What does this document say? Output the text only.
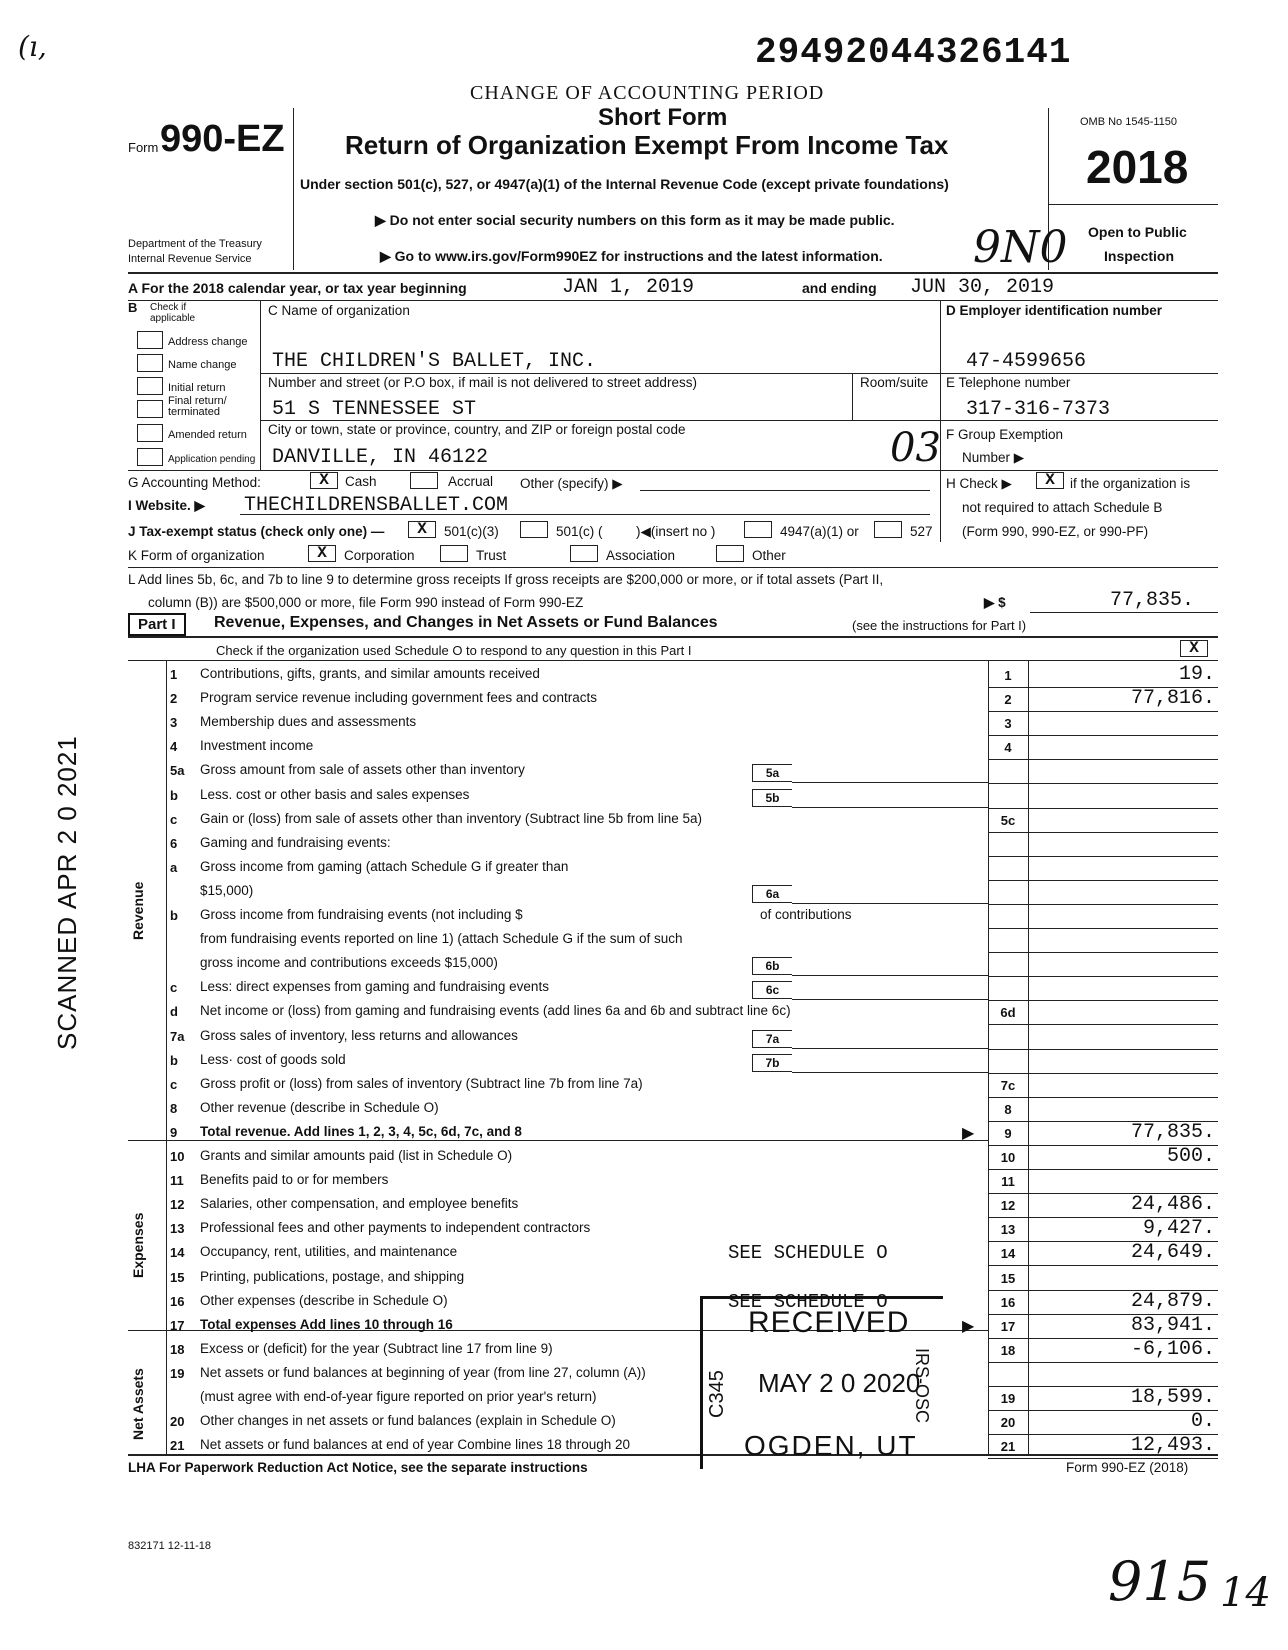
(ı,	29492044326141
CHANGE OF ACCOUNTING PERIOD
Form 990-EZ
Department of the Treasury
Internal Revenue Service
Short Form
Return of Organization Exempt From Income Tax
Under section 501(c), 527, or 4947(a)(1) of the Internal Revenue Code (except private foundations)
▶ Do not enter social security numbers on this form as it may be made public.
▶ Go to www.irs.gov/Form990EZ for instructions and the latest information. 9N0
OMB No 1545-1150
2018
Open to Public
Inspection
A For the 2018 calendar year, or tax year beginning	JAN 1, 2019	and ending JUN 30, 2019
B Check if
applicable
Address change
Name change
Initial return
Final return/ terminated
Amended return
Application pending
C Name of organization
THE CHILDREN'S BALLET, INC.
Number and street (or P.O box, if mail is not delivered to street address)	Room/suite
51 S TENNESSEE ST
City or town, state or province, country, and ZIP or foreign postal code
DANVILLE, IN 46122	03
D Employer identification number
47-4599656
E Telephone number
317-316-7373
F Group Exemption
Number ▶
G Accounting Method:	X	Cash	Accrual Other (specify) ▶	H Check ▶	X	if the organization is
not required to attach Schedule B
(Form 990, 990-EZ, or 990-PF)
I Website. ▶ THECHILDRENSBALLET.COM
J Tax-exempt status (check only one) —	X	501(c)(3)	501(c) ( )◀(insert no )	4947(a)(1) or	527
K Form of organization	X	Corporation	Trust	Association	Other
L Add lines 5b, 6c, and 7b to line 9 to determine gross receipts If gross receipts are $200,000 or more, or if total assets (Part II,
column (B)) are $500,000 or more, file Form 990 instead of Form 990-EZ	▶ $	77,835.
Part I	Revenue, Expenses, and Changes in Net Assets or Fund Balances	(see the instructions for Part I)
Check if the organization used Schedule O to respond to any question in this Part I	X
Revenue
Expenses
Net Assets
1	Contributions, gifts, grants, and similar amounts received	1	19.
2	Program service revenue including government fees and contracts	2	77,816.
3	Membership dues and assessments	3
4	Investment income	4
5a	Gross amount from sale of assets other than inventory	5a
b	Less. cost or other basis and sales expenses	5b
c	Gain or (loss) from sale of assets other than inventory (Subtract line 5b from line 5a)	5c
6	Gaming and fundraising events:
a	Gross income from gaming (attach Schedule G if greater than
$15,000)	6a
b	Gross income from fundraising events (not including $	of contributions
from fundraising events reported on line 1) (attach Schedule G if the sum of such
gross income and contributions exceeds $15,000)	6b
c	Less: direct expenses from gaming and fundraising events	6c
d	Net income or (loss) from gaming and fundraising events (add lines 6a and 6b and subtract line 6c)	6d
7a	Gross sales of inventory, less returns and allowances	7a
b	Less· cost of goods sold	7b
c	Gross profit or (loss) from sales of inventory (Subtract line 7b from line 7a)	7c
8	Other revenue (describe in Schedule O)	8
9	Total revenue. Add lines 1, 2, 3, 4, 5c, 6d, 7c, and 8	9	77,835.
▶
10	Grants and similar amounts paid (list in Schedule O)	10	500.
11	Benefits paid to or for members	11
12	Salaries, other compensation, and employee benefits	12	24,486.
13	Professional fees and other payments to independent contractors	13	9,427.
14	Occupancy, rent, utilities, and maintenance	SEE SCHEDULE O	14	24,649.
15	Printing, publications, postage, and shipping	15
16	Other expenses (describe in Schedule O)	SEE SCHEDULE O	16	24,879.
17	Total expenses Add lines 10 through 16	17	83,941.
▶
18	Excess or (deficit) for the year (Subtract line 17 from line 9)	18	-6,106.
19	Net assets or fund balances at beginning of year (from line 27, column (A))
(must agree with end-of-year figure reported on prior year's return)	19	18,599.
20	Other changes in net assets or fund balances (explain in Schedule O)	20	0.
21	Net assets or fund balances at end of year Combine lines 18 through 20	21	12,493.
SCANNED APR 2 0 2021
RECEIVED
MAY 2 0 2020
C345	IRS-OSC
OGDEN, UT
LHA For Paperwork Reduction Act Notice, see the separate instructions	Form 990-EZ (2018)
832171 12-11-18
915 14
